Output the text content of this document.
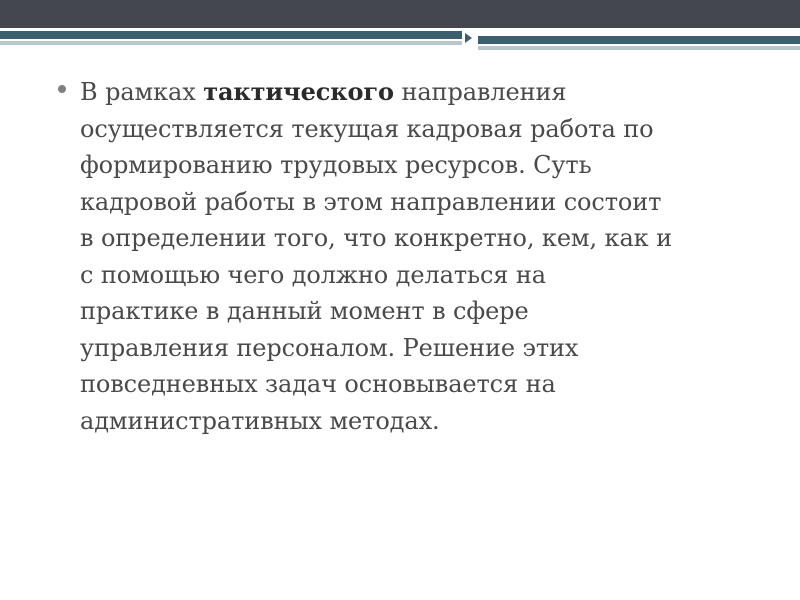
В рамках тактического направления
осуществляется текущая кадровая работа по
формированию трудовых ресурсов. Суть
кадровой работы в этом направлении состоит
в определении того, что конкретно, кем, как и
с помощью чего должно делаться на
практике в данный момент в сфере
управления персоналом. Решение этих
повседневных задач основывается на
административных методах.
